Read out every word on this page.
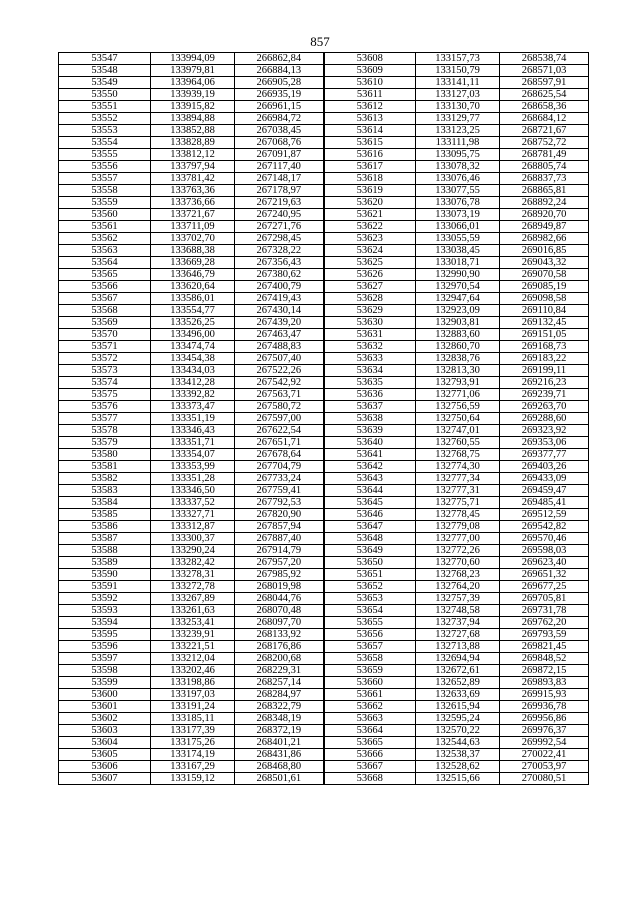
857
53547	133994,09	266862,84	53608	133157,73	268538,74
53548	133979,81	266884,13	53609	133150,79	268571,03
53549	133964,06	266905,28	53610	133141,11	268597,91
53550	133939,19	266935,19	53611	133127,03	268625,54
53551	133915,82	266961,15	53612	133130,70	268658,36
53552	133894,88	266984,72	53613	133129,77	268684,12
53553	133852,88	267038,45	53614	133123,25	268721,67
53554	133828,89	267068,76	53615	133111,98	268752,72
53555	133812,12	267091,87	53616	133095,75	268781,49
53556	133797,94	267117,40	53617	133078,32	268805,74
53557	133781,42	267148,17	53618	133076,46	268837,73
53558	133763,36	267178,97	53619	133077,55	268865,81
53559	133736,66	267219,63	53620	133076,78	268892,24
53560	133721,67	267240,95	53621	133073,19	268920,70
53561	133711,09	267271,76	53622	133066,01	268949,87
53562	133702,70	267298,45	53623	133055,59	268982,66
53563	133688,38	267328,22	53624	133038,45	269016,85
53564	133669,28	267356,43	53625	133018,71	269043,32
53565	133646,79	267380,62	53626	132990,90	269070,58
53566	133620,64	267400,79	53627	132970,54	269085,19
53567	133586,01	267419,43	53628	132947,64	269098,58
53568	133554,77	267430,14	53629	132923,09	269110,84
53569	133526,25	267439,20	53630	132903,81	269132,45
53570	133496,00	267463,47	53631	132883,60	269151,05
53571	133474,74	267488,83	53632	132860,70	269168,73
53572	133454,38	267507,40	53633	132838,76	269183,22
53573	133434,03	267522,26	53634	132813,30	269199,11
53574	133412,28	267542,92	53635	132793,91	269216,23
53575	133392,82	267563,71	53636	132771,06	269239,71
53576	133373,47	267580,72	53637	132756,59	269263,70
53577	133351,19	267597,00	53638	132750,64	269288,60
53578	133346,43	267622,54	53639	132747,01	269323,92
53579	133351,71	267651,71	53640	132760,55	269353,06
53580	133354,07	267678,64	53641	132768,75	269377,77
53581	133353,99	267704,79	53642	132774,30	269403,26
53582	133351,28	267733,24	53643	132777,34	269433,09
53583	133346,50	267759,41	53644	132777,31	269459,47
53584	133337,52	267792,53	53645	132775,71	269485,41
53585	133327,71	267820,90	53646	132778,45	269512,59
53586	133312,87	267857,94	53647	132779,08	269542,82
53587	133300,37	267887,40	53648	132777,00	269570,46
53588	133290,24	267914,79	53649	132772,26	269598,03
53589	133282,42	267957,20	53650	132770,60	269623,40
53590	133278,31	267985,92	53651	132768,23	269651,32
53591	133272,78	268019,98	53652	132764,20	269677,25
53592	133267,89	268044,76	53653	132757,39	269705,81
53593	133261,63	268070,48	53654	132748,58	269731,78
53594	133253,41	268097,70	53655	132737,94	269762,20
53595	133239,91	268133,92	53656	132727,68	269793,59
53596	133221,51	268176,86	53657	132713,88	269821,45
53597	133212,04	268200,68	53658	132694,94	269848,52
53598	133202,46	268229,31	53659	132672,61	269872,15
53599	133198,86	268257,14	53660	132652,89	269893,83
53600	133197,03	268284,97	53661	132633,69	269915,93
53601	133191,24	268322,79	53662	132615,94	269936,78
53602	133185,11	268348,19	53663	132595,24	269956,86
53603	133177,39	268372,19	53664	132570,22	269976,37
53604	133175,26	268401,21	53665	132544,63	269992,54
53605	133174,19	268431,86	53666	132538,37	270022,41
53606	133167,29	268468,80	53667	132528,62	270053,97
53607	133159,12	268501,61	53668	132515,66	270080,51
